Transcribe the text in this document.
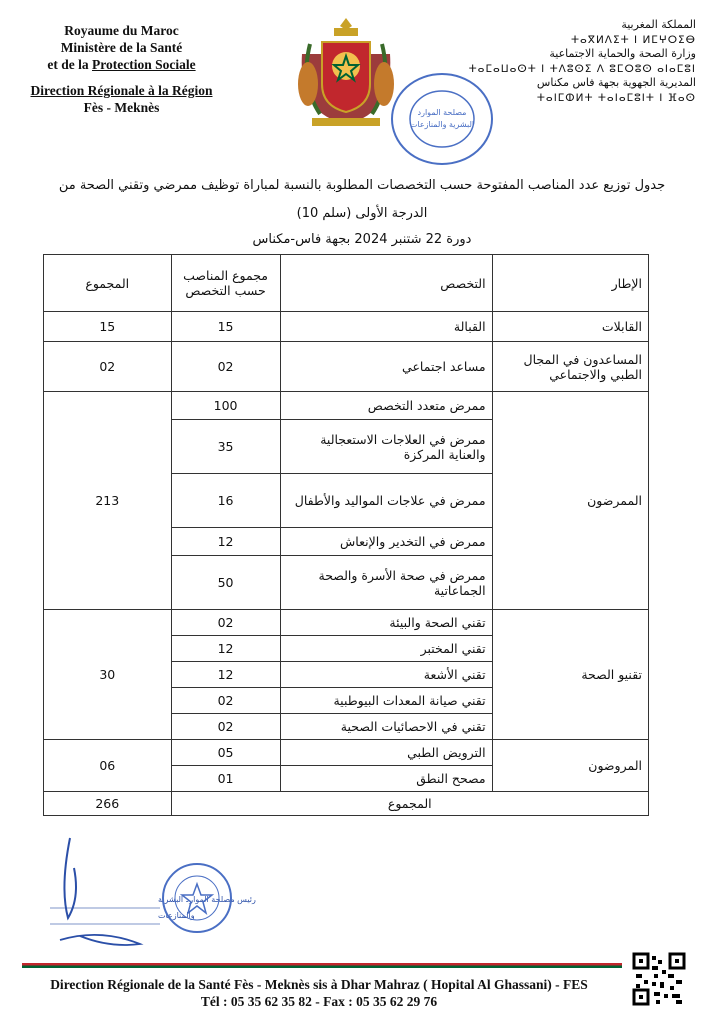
Royaume du Maroc
Ministère de la Santé
et de la Protection Sociale
Direction Régionale à la Région
Fès - Meknès	مصلحة الموارد
البشرية والمنازعات
المملكة المغربية
ⵜⴰⴳⵍⴷⵉⵜ ⵏ ⵍⵎⵖⵔⵉⴱ
وزارة الصحة والحماية الاجتماعية
ⵜⴰⵎⴰⵡⴰⵙⵜ ⵏ ⵜⴷⵓⵙⵉ ⴷ ⵓⵎⵔⵓⵙ ⴰⵏⴰⵎⵓⵏ
المديرية الجهوية بجهة فاس مكناس
ⵜⴰⵏⵎⵀⵍⵜ ⵜⴰⵏⴰⵎⵓⵏⵜ ⵏ ⴼⴰⵙ
جدول توزيع عدد المناصب المفتوحة حسب التخصصات المطلوبة بالنسبة لمباراة توظيف ممرضي وتقني الصحة من
الدرجة الأولى (سلم 10)
دورة 22 شتنبر 2024 بجهة فاس-مكناس
الإطار	التخصص	مجموع المناصب حسب التخصص	المجموع
القابلات	القبالة	15	15
المساعدون في المجال الطبي والاجتماعي	مساعد اجتماعي	02	02
الممرضون	ممرض متعدد التخصص	100	213
	ممرض في العلاجات الاستعجالية والعناية المركزة	35	
	ممرض في علاجات المواليد والأطفال	16	
	ممرض في التخدير والإنعاش	12	
	ممرض في صحة الأسرة والصحة الجماعاتية	50	
تقنيو الصحة	تقني الصحة والبيئة	02	30
	تقني المختبر	12	
	تقني الأشعة	12	
	تقني صيانة المعدات البيوطبية	02	
	تقني في الاحصائيات الصحية	02	
المروضون	الترويض الطبي	05	06
	مصحح النطق	01	
المجموع			266
رئيس مصلحة الموارد البشرية
والمنازعات
Direction Régionale de la Santé Fès - Meknès sis à Dhar Mahraz ( Hopital Al Ghassani) - FES
Tél : 05 35 62 35 82 - Fax : 05 35 62 29 76
